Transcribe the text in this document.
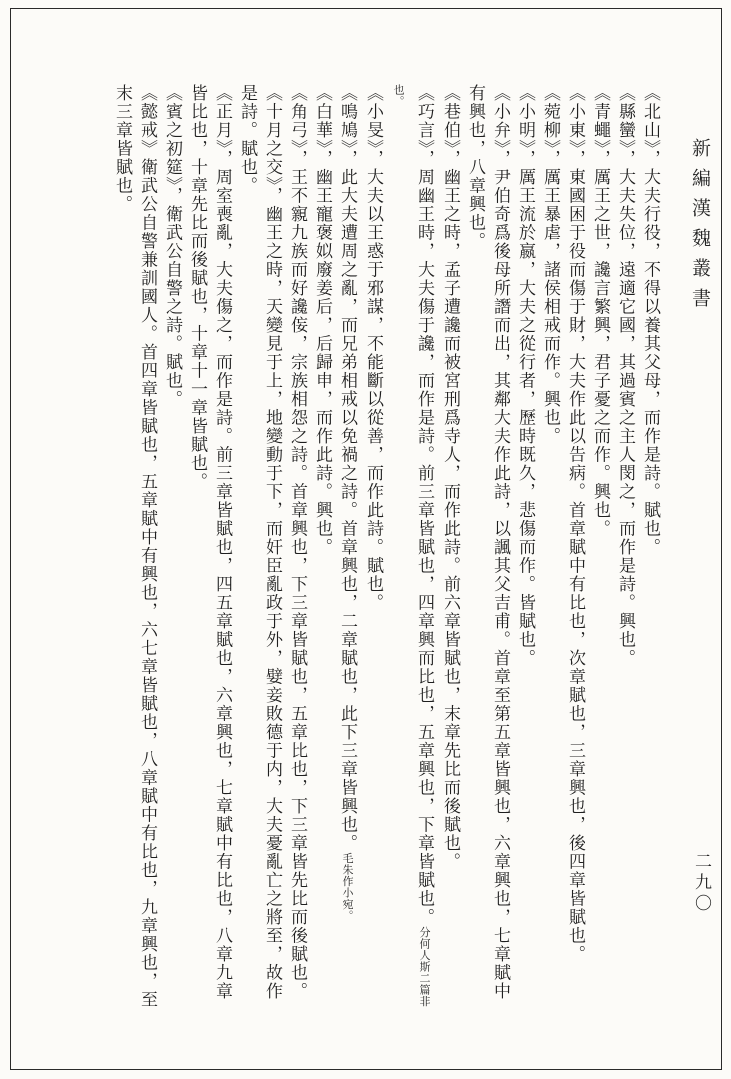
新編漢魏叢書
二九〇

《北山》，大夫行役，不得以養其父母，而作是詩。賦也。

《縣蠻》，大夫失位，遠適它國，其過賓之主人閔之，而作是詩。興也。

《青蠅》，厲王之世，讒言繁興，君子憂之而作。興也。

《小東》，東國困于役而傷于財，大夫作此以告病。首章賦中有比也，次章賦也，三章興也，後四章皆賦也。

《菀柳》，厲王暴虐，諸侯相戒而作。興也。

《小明》，厲王流於嬴，大夫之從行者，歷時既久，悲傷而作。皆賦也。

《小弁》，尹伯奇爲後母所譖而出，其鄰大夫作此詩，以諷其父吉甫。首章至第五章皆興也，六章興也，七章賦中有興也，八章興也。

《巷伯》，幽王之時，孟子遭讒而被宮刑爲寺人，而作此詩。前六章皆賦也，末章先比而後賦也。

《巧言》，周幽王時，大夫傷于讒，而作是詩。前三章皆賦也，四章興而比也，五章興也，下章皆賦也。分何人斯二篇非也。

《小旻》，大夫以王惑于邪謀，不能斷以從善，而作此詩。賦也。

《鳴鳩》，此大夫遭周之亂，而兄弟相戒以免禍之詩。首章興也，二章賦也，此下三章皆興也。毛朱作小宛。

《白華》，幽王寵褒姒廢姜后，后歸申，而作此詩。興也。

《角弓》，王不寴九族而好讒侫，宗族相怨之詩。首章興也，下三章皆賦也，五章比也，下三章皆先比而後賦也。

《十月之交》，幽王之時，天變見于上，地變動于下，而奸臣亂政于外，嬖妾敗德于内，大夫憂亂亡之將至，故作是詩。賦也。

《正月》，周室喪亂，大夫傷之，而作是詩。前三章皆賦也，四五章賦也，六章興也，七章賦中有比也，八章九章皆比也，十章先比而後賦也，十章十一章皆賦也。

《賓之初筵》，衛武公自警之詩。賦也。

《懿戒》衛武公自警兼訓國人。首四章皆賦也，五章賦中有興也，六七章皆賦也，八章賦中有比也，九章興也，至末三章皆賦也。
